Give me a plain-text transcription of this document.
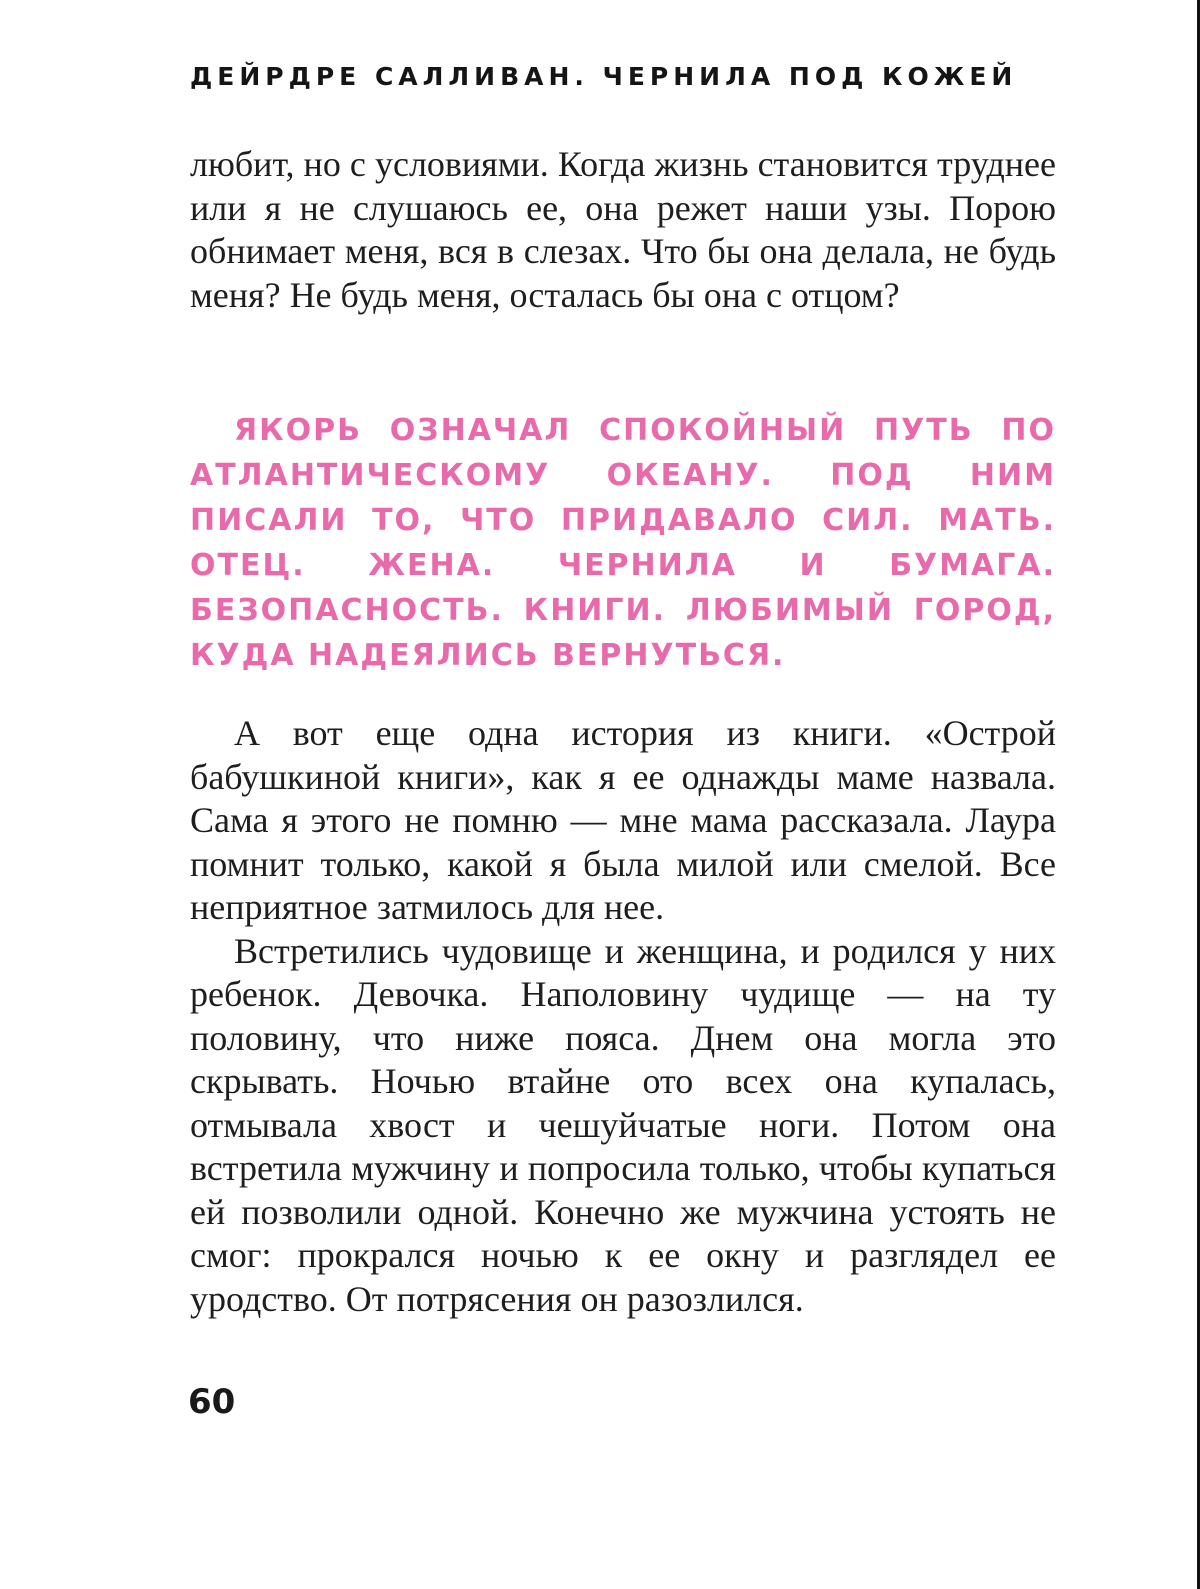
ДЕЙРДРЕ САЛЛИВАН. ЧЕРНИЛА ПОД КОЖЕЙ

любит, но с условиями. Когда жизнь становится труднее или я не слушаюсь ее, она режет наши узы. Порою обнимает меня, вся в слезах. Что бы она делала, не будь меня? Не будь меня, осталась бы она с отцом?

ЯКОРЬ ОЗНАЧАЛ СПОКОЙНЫЙ ПУТЬ ПО АТЛАНТИЧЕСКОМУ ОКЕАНУ. ПОД НИМ ПИСАЛИ ТО, ЧТО ПРИДАВАЛО СИЛ. МАТЬ. ОТЕЦ. ЖЕНА. ЧЕРНИЛА И БУМАГА. БЕЗОПАСНОСТЬ. КНИГИ. ЛЮБИМЫЙ ГОРОД, КУДА НАДЕЯЛИСЬ ВЕРНУТЬСЯ.

А вот еще одна история из книги. «Острой бабушкиной книги», как я ее однажды маме назвала. Сама я этого не помню — мне мама рассказала. Лаура помнит только, какой я была милой или смелой. Все неприятное затмилось для нее.

Встретились чудовище и женщина, и родился у них ребенок. Девочка. Наполовину чудище — на ту половину, что ниже пояса. Днем она могла это скрывать. Ночью втайне ото всех она купалась, отмывала хвост и чешуйчатые ноги. Потом она встретила мужчину и попросила только, чтобы купаться ей позволили одной. Конечно же мужчина устоять не смог: прокрался ночью к ее окну и разглядел ее уродство. От потрясения он разозлился.

60
